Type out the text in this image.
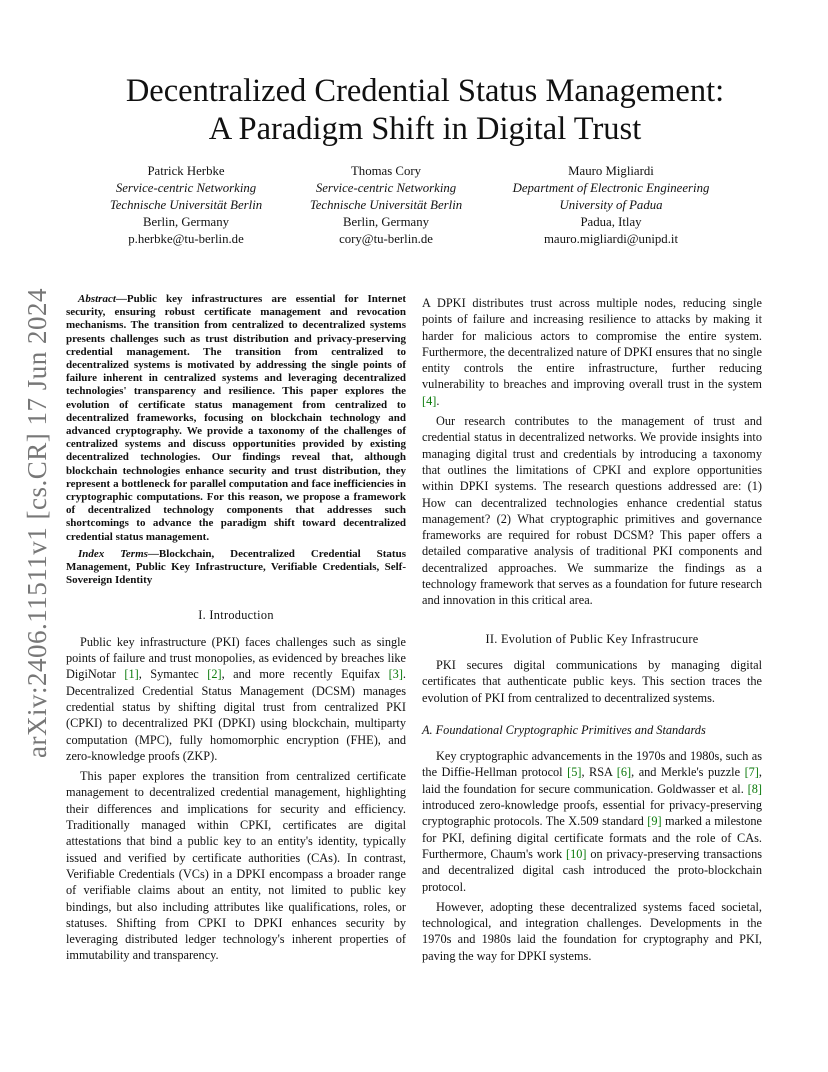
arXiv:2406.11511v1 [cs.CR] 17 Jun 2024
Decentralized Credential Status Management:
A Paradigm Shift in Digital Trust
Patrick Herbke
Service-centric Networking
Technische Universität Berlin
Berlin, Germany
p.herbke@tu-berlin.de
Thomas Cory
Service-centric Networking
Technische Universität Berlin
Berlin, Germany
cory@tu-berlin.de
Mauro Migliardi
Department of Electronic Engineering
University of Padua
Padua, Itlay
mauro.migliardi@unipd.it

Abstract—Public key infrastructures are essential for Internet security, ensuring robust certificate management and revocation mechanisms. The transition from centralized to decentralized systems presents challenges such as trust distribution and privacy-preserving credential management. The transition from centralized to decentralized systems is motivated by addressing the single points of failure inherent in centralized systems and leveraging decentralized technologies' transparency and resilience. This paper explores the evolution of certificate status management from centralized to decentralized frameworks, focusing on blockchain technology and advanced cryptography. We provide a taxonomy of the challenges of centralized systems and discuss opportunities provided by existing decentralized technologies. Our findings reveal that, although blockchain technologies enhance security and trust distribution, they represent a bottleneck for parallel computation and face inefficiencies in cryptographic computations. For this reason, we propose a framework of decentralized technology components that addresses such shortcomings to advance the paradigm shift toward decentralized credential status management.

Index Terms—Blockchain, Decentralized Credential Status Management, Public Key Infrastructure, Verifiable Credentials, Self-Sovereign Identity

I. Introduction

Public key infrastructure (PKI) faces challenges such as single points of failure and trust monopolies, as evidenced by breaches like DigiNotar [1], Symantec [2], and more recently Equifax [3]. Decentralized Credential Status Management (DCSM) manages credential status by shifting digital trust from centralized PKI (CPKI) to decentralized PKI (DPKI) using blockchain, multiparty computation (MPC), fully homomorphic encryption (FHE), and zero-knowledge proofs (ZKP).

This paper explores the transition from centralized certificate management to decentralized credential management, highlighting their differences and implications for security and efficiency. Traditionally managed within CPKI, certificates are digital attestations that bind a public key to an entity's identity, typically issued and verified by certificate authorities (CAs). In contrast, Verifiable Credentials (VCs) in a DPKI encompass a broader range of verifiable claims about an entity, not limited to public key bindings, but also including attributes like qualifications, roles, or statuses. Shifting from CPKI to DPKI enhances security by leveraging distributed ledger technology's inherent properties of immutability and transparency.

A DPKI distributes trust across multiple nodes, reducing single points of failure and increasing resilience to attacks by making it harder for malicious actors to compromise the entire system. Furthermore, the decentralized nature of DPKI ensures that no single entity controls the entire infrastructure, further reducing vulnerability to breaches and improving overall trust in the system [4].

Our research contributes to the management of trust and credential status in decentralized networks. We provide insights into managing digital trust and credentials by introducing a taxonomy that outlines the limitations of CPKI and explore opportunities within DPKI systems. The research questions addressed are: (1) How can decentralized technologies enhance credential status management? (2) What cryptographic primitives and governance frameworks are required for robust DCSM? This paper offers a detailed comparative analysis of traditional PKI components and decentralized approaches. We summarize the findings as a technology framework that serves as a foundation for future research and innovation in this critical area.

II. Evolution of Public Key Infrastrucure

PKI secures digital communications by managing digital certificates that authenticate public keys. This section traces the evolution of PKI from centralized to decentralized systems.

A. Foundational Cryptographic Primitives and Standards

Key cryptographic advancements in the 1970s and 1980s, such as the Diffie-Hellman protocol [5], RSA [6], and Merkle's puzzle [7], laid the foundation for secure communication. Goldwasser et al. [8] introduced zero-knowledge proofs, essential for privacy-preserving cryptographic protocols. The X.509 standard [9] marked a milestone for PKI, defining digital certificate formats and the role of CAs. Furthermore, Chaum's work [10] on privacy-preserving transactions and decentralized digital cash introduced the proto-blockchain protocol.

However, adopting these decentralized systems faced societal, technological, and integration challenges. Developments in the 1970s and 1980s laid the foundation for cryptography and PKI, paving the way for DPKI systems.
